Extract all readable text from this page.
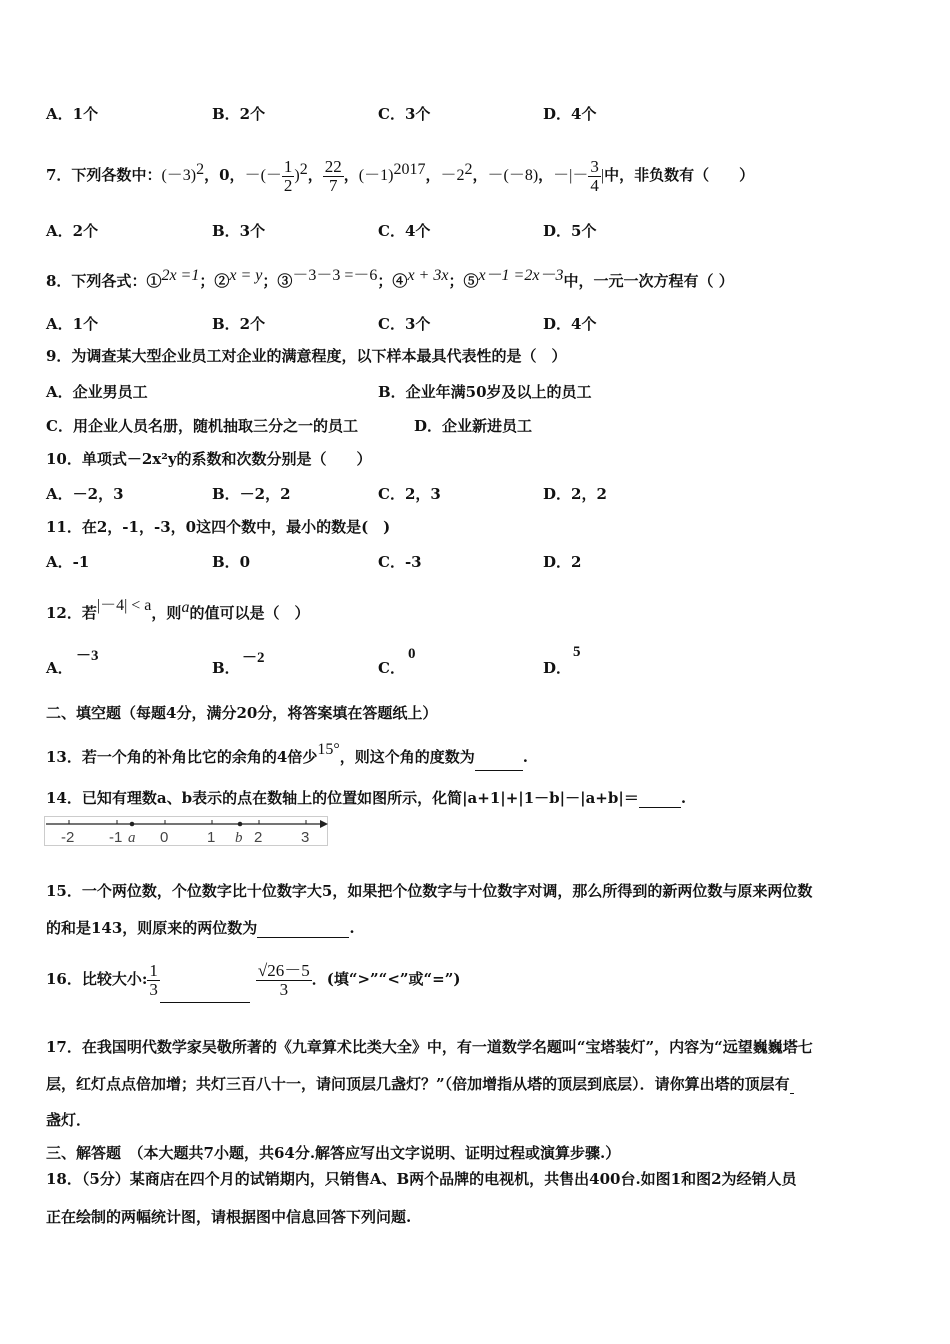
A．1个	B．2个	C．3个	D．4个
7．下列各数中：$(-3)^2$，0，－(－ $\frac{1}{2} )^2$， $\frac{22}{7}$ ，$(-1)^{2017}$，$-2^2$，－(－8)，－|－ $\frac{3}{4}$ |中，非负数有（　　）
A．2个	B．3个	C．4个	D．5个
8．下列各式：①2x =1；②x = y；③－3－3 =－6；④x + 3x；⑤x－1 =2x－3中，一元一次方程有（ ）
A．1个	B．2个	C．3个	D．4个
9．为调查某大型企业员工对企业的满意程度，以下样本最具代表性的是（　）
A．企业男员工	B．企业年满50岁及以上的员工
C．用企业人员名册，随机抽取三分之一的员工	D．企业新进员工
10．单项式－2x²y的系数和次数分别是（　　）
A．－2，3	B．－2，2	C．2，3	D．2，2
11．在2，-1，-3，0这四个数中，最小的数是(　)
A．-1	B．0	C．-3	D．2
12．若|－4| < a，则a的值可以是（　）
A．
－3
B．
－2
C．
0
D．
5
二、填空题（每题4分，满分20分，将答案填在答题纸上）
13．若一个角的补角比它的余角的4倍少15°，则这个角的度数为	.
14．已知有理数a、b表示的点在数轴上的位置如图所示，化简|a+1|+|1－b|－|a+b|＝	.
-2 -1 a 0	1 b 2	3
15．一个两位数，个位数字比十位数字大5，如果把个位数字与十位数字对调，那么所得到的新两位数与原来两位数
的和是143，则原来的两位数为	.
16．比较大小: $\frac{1}{3}$	$\frac{√26-5}{3}$ ．(填“>”“<”或“=”)
17．在我国明代数学家吴敬所著的《九章算术比类大全》中，有一道数学名题叫“宝塔装灯”，内容为“远望巍巍塔七
层，红灯点点倍加增；共灯三百八十一，请问顶层几盏灯？”（倍加增指从塔的顶层到底层）．请你算出塔的顶层有
盏灯．
三、解答题　（本大题共7小题，共64分.解答应写出文字说明、证明过程或演算步骤.）
18．（5分）某商店在四个月的试销期内，只销售A、B两个品牌的电视机，共售出400台.如图1和图2为经销人员
正在绘制的两幅统计图，请根据图中信息回答下列问题.
